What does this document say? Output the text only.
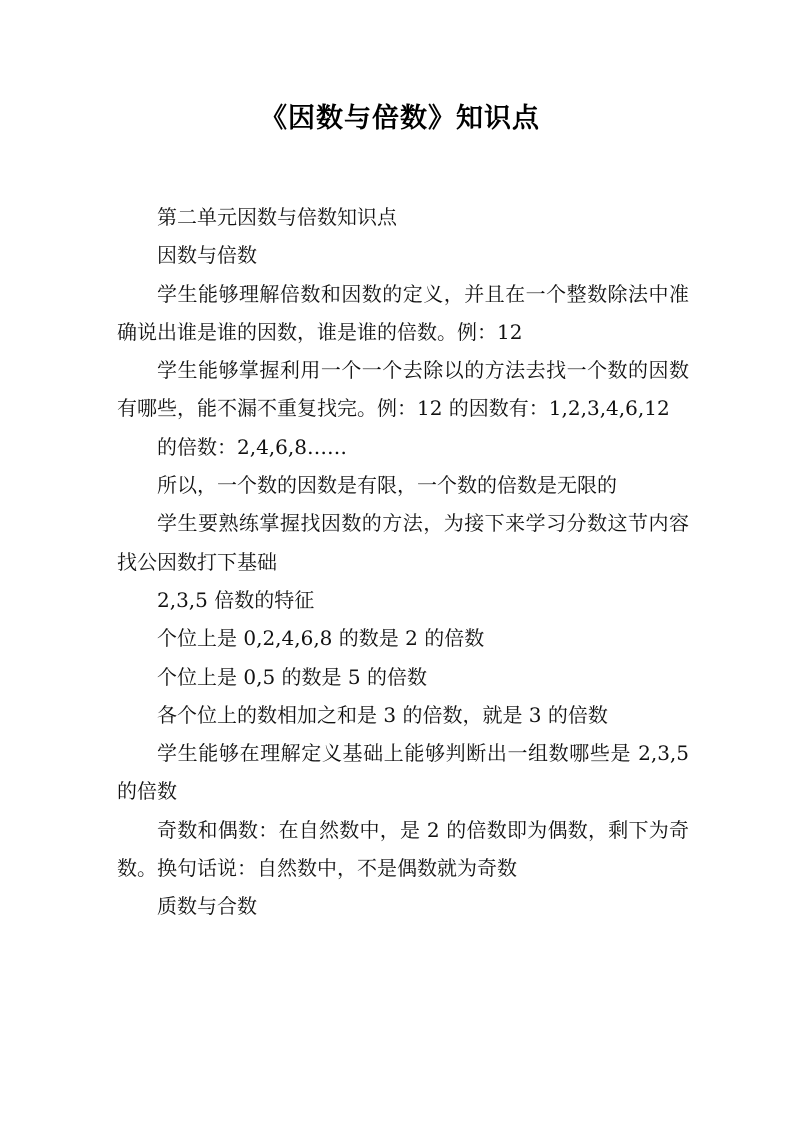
《因数与倍数》知识点

第二单元因数与倍数知识点

因数与倍数

学生能够理解倍数和因数的定义，并且在一个整数除法中准确说出谁是谁的因数，谁是谁的倍数。例：12

学生能够掌握利用一个一个去除以的方法去找一个数的因数有哪些，能不漏不重复找完。例：12 的因数有：1,2,3,4,6,12

的倍数：2,4,6,8……

所以，一个数的因数是有限，一个数的倍数是无限的

学生要熟练掌握找因数的方法，为接下来学习分数这节内容找公因数打下基础

2,3,5 倍数的特征

个位上是 0,2,4,6,8 的数是 2 的倍数

个位上是 0,5 的数是 5 的倍数

各个位上的数相加之和是 3 的倍数，就是 3 的倍数

学生能够在理解定义基础上能够判断出一组数哪些是 2,3,5 的倍数

奇数和偶数：在自然数中，是 2 的倍数即为偶数，剩下为奇数。换句话说：自然数中，不是偶数就为奇数

质数与合数
